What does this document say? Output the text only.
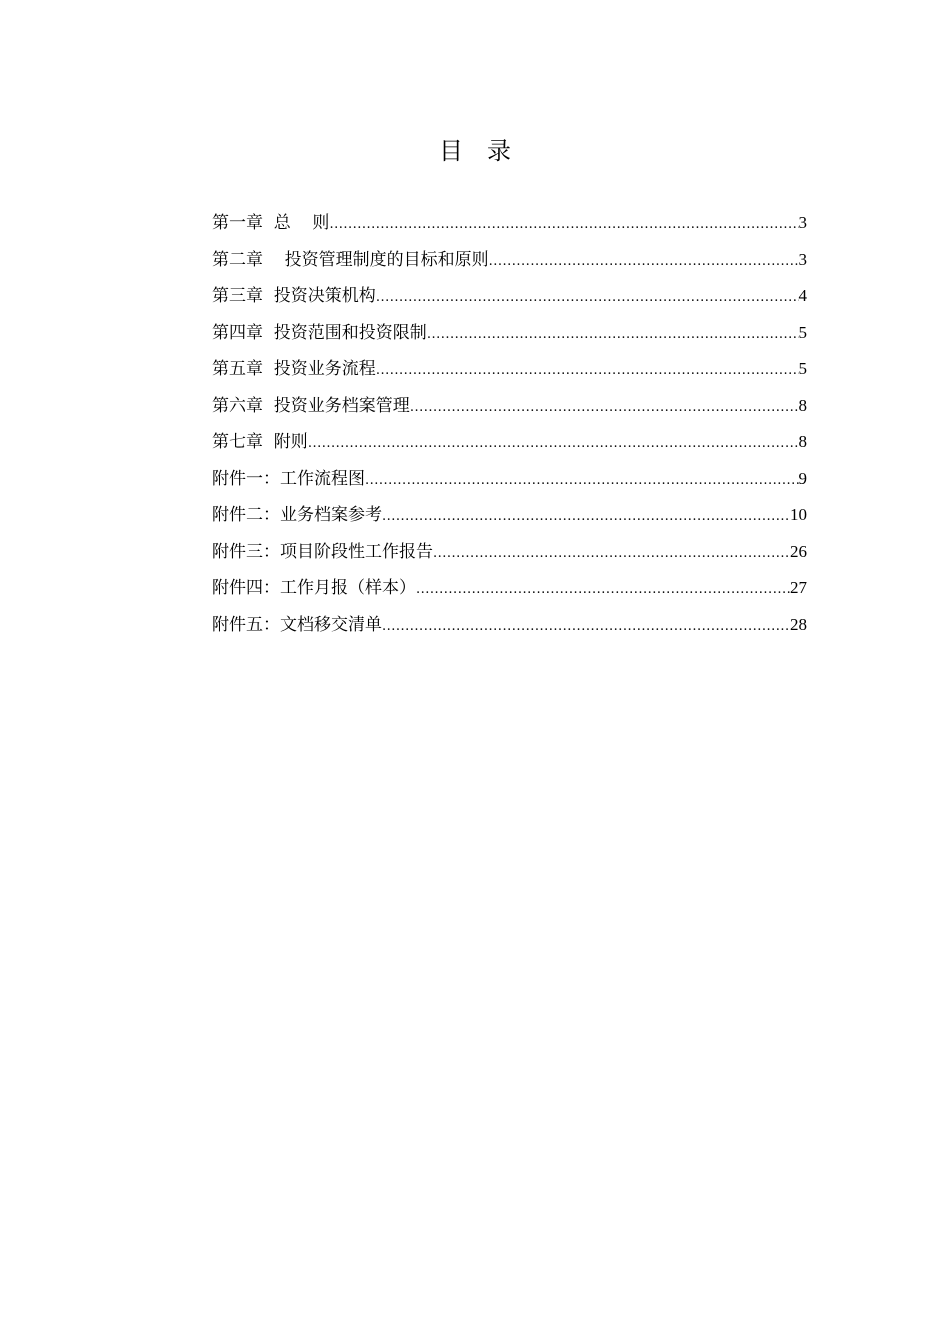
目　录
第一章  总    则 .....	3
第二章    投资管理制度的目标和原则 .....	3
第三章  投资决策机构 .....	4
第四章  投资范围和投资限制 .....	5
第五章  投资业务流程 .....	5
第六章  投资业务档案管理 .....	8
第七章  附则 .....	8
附件一：工作流程图 .....	9
附件二：业务档案参考 .....	10
附件三：项目阶段性工作报告 .....	26
附件四：工作月报（样本） .....	27
附件五：文档移交清单 .....	28
